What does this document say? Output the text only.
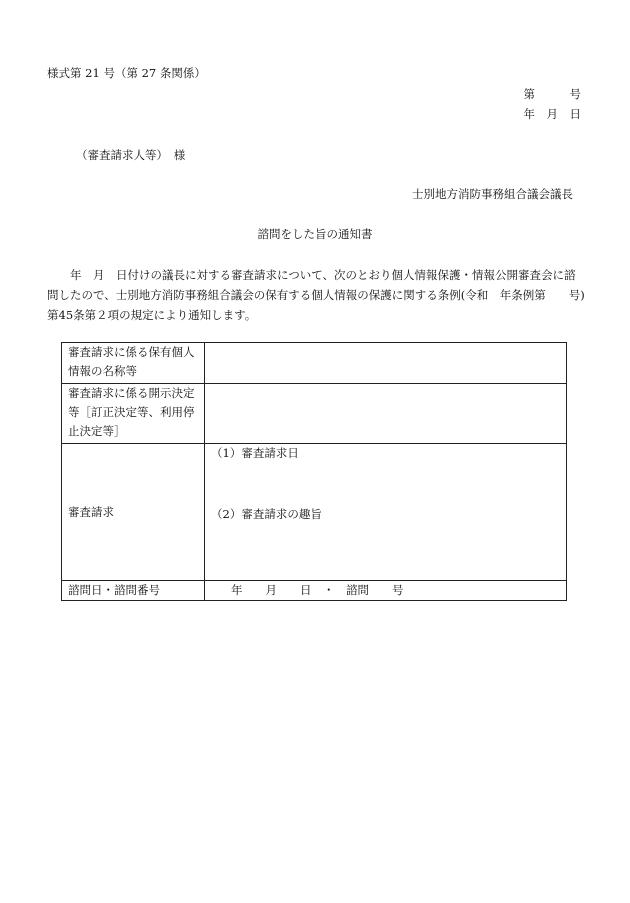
様式第 21 号（第 27 条関係）
第　　　号
年　月　日
（審査請求人等）　様
士別地方消防事務組合議会議長
諮問をした旨の通知書
年　月　日付けの議長に対する審査請求について、次のとおり個人情報保護・情報公開審査会に諮
問したので、士別地方消防事務組合議会の保有する個人情報の保護に関する条例(令和　年条例第　　号)
第45条第２項の規定により通知します。
審査請求に係る保有個人
情報の名称等	

審査請求に係る開示決定
等［訂正決定等、利用停
止決定等］	

審査請求	（1）審査請求日
（2）審査請求の趣旨

諮問日・諮問番号	年　　月　　日　・　諮問　　号
